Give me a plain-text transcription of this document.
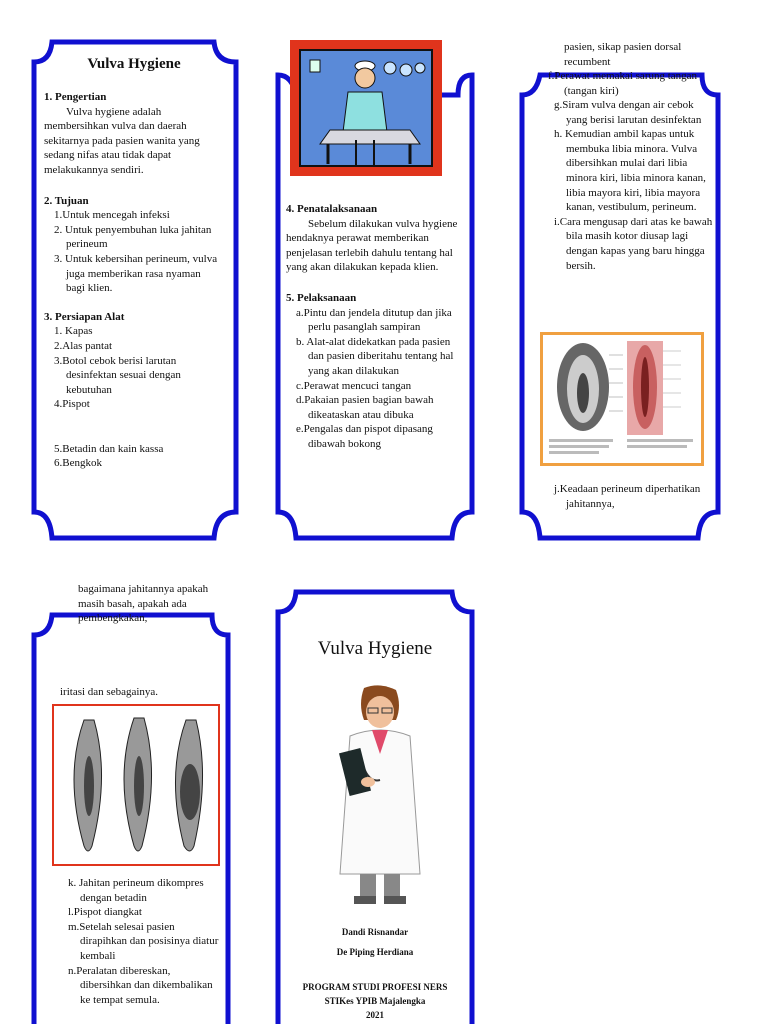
Vulva Hygiene

1. Pengertian

Vulva hygiene adalah membersihkan vulva dan daerah sekitarnya pada pasien wanita yang sedang nifas atau tidak dapat melakukannya sendiri.

2. Tujuan

1.Untuk mencegah infeksi

2. Untuk penyembuhan luka jahitan perineum

3. Untuk kebersihan perineum, vulva juga memberikan rasa nyaman bagi klien.

3. Persiapan Alat

1. Kapas

2.Alas pantat

3.Botol cebok berisi larutan desinfektan sesuai dengan kebutuhan

4.Pispot

5.Betadin dan kain kassa

6.Bengkok

4. Penatalaksanaan

Sebelum dilakukan vulva hygiene hendaknya perawat memberikan penjelasan terlebih dahulu tentang hal yang akan dilakukan kepada klien.

5. Pelaksanaan

a.Pintu dan jendela ditutup dan jika perlu pasanglah sampiran

b. Alat-alat didekatkan pada pasien dan pasien diberitahu tentang hal yang akan dilakukan

c.Perawat mencuci tangan

d.Pakaian pasien bagian bawah dikeataskan atau dibuka

e.Pengalas dan pispot dipasang dibawah bokong

pasien, sikap pasien dorsal recumbent

f.Perawat memakai sarung tangan (tangan kiri)

g.Siram vulva dengan air cebok yang berisi larutan desinfektan

h. Kemudian ambil kapas untuk membuka libia minora. Vulva dibersihkan mulai dari libia minora kiri, libia minora kanan, libia mayora kiri, libia mayora kanan, vestibulum, perineum.

i.Cara mengusap dari atas ke bawah bila masih kotor diusap lagi dengan kapas yang baru hingga bersih.

j.Keadaan perineum diperhatikan jahitannya,

bagaimana jahitannya apakah masih basah, apakah ada pembengkakan,

iritasi dan sebagainya.

k. Jahitan perineum dikompres dengan betadin

l.Pispot diangkat

m.Setelah selesai pasien dirapihkan dan posisinya diatur kembali

n.Peralatan dibereskan, dibersihkan dan dikembalikan ke tempat semula.

Vulva Hygiene

Dandi Risnandar

De Piping Herdiana

PROGRAM STUDI PROFESI NERS

STIKes YPIB Majalengka

2021
